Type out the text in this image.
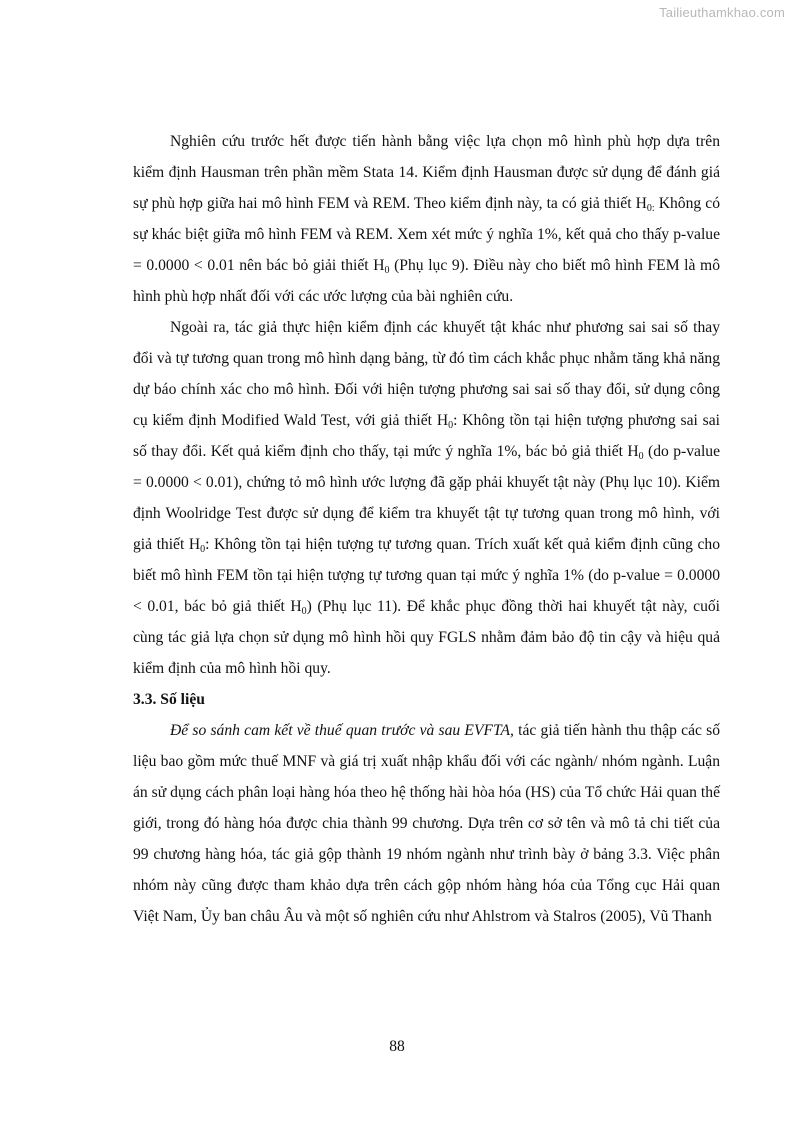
Tailieuthamkhao.com

Nghiên cứu trước hết được tiến hành bằng việc lựa chọn mô hình phù hợp dựa trên kiểm định Hausman trên phần mềm Stata 14. Kiểm định Hausman được sử dụng để đánh giá sự phù hợp giữa hai mô hình FEM và REM. Theo kiểm định này, ta có giả thiết $H_{0:}$ Không có sự khác biệt giữa mô hình FEM và REM. Xem xét mức ý nghĩa 1%, kết quả cho thấy p-value = 0.0000 < 0.01 nên bác bỏ giải thiết $H_0$ (Phụ lục 9). Điều này cho biết mô hình FEM là mô hình phù hợp nhất đối với các ước lượng của bài nghiên cứu.

Ngoài ra, tác giả thực hiện kiểm định các khuyết tật khác như phương sai sai số thay đổi và tự tương quan trong mô hình dạng bảng, từ đó tìm cách khắc phục nhằm tăng khả năng dự báo chính xác cho mô hình. Đối với hiện tượng phương sai sai số thay đổi, sử dụng công cụ kiểm định Modified Wald Test, với giả thiết $H_0$: Không tồn tại hiện tượng phương sai sai số thay đổi. Kết quả kiểm định cho thấy, tại mức ý nghĩa 1%, bác bỏ giả thiết $H_0$ (do p-value = 0.0000 < 0.01), chứng tỏ mô hình ước lượng đã gặp phải khuyết tật này (Phụ lục 10). Kiểm định Woolridge Test được sử dụng để kiểm tra khuyết tật tự tương quan trong mô hình, với giả thiết $H_0$: Không tồn tại hiện tượng tự tương quan. Trích xuất kết quả kiểm định cũng cho biết mô hình FEM tồn tại hiện tượng tự tương quan tại mức ý nghĩa 1% (do p-value = 0.0000 < 0.01, bác bỏ giả thiết $H_0$) (Phụ lục 11). Để khắc phục đồng thời hai khuyết tật này, cuối cùng tác giả lựa chọn sử dụng mô hình hồi quy FGLS nhằm đảm bảo độ tin cậy và hiệu quả kiểm định của mô hình hồi quy.

3.3. Số liệu

Để so sánh cam kết về thuế quan trước và sau EVFTA, tác giả tiến hành thu thập các số liệu bao gồm mức thuế MNF và giá trị xuất nhập khẩu đối với các ngành/ nhóm ngành. Luận án sử dụng cách phân loại hàng hóa theo hệ thống hài hòa hóa (HS) của Tổ chức Hải quan thế giới, trong đó hàng hóa được chia thành 99 chương. Dựa trên cơ sở tên và mô tả chi tiết của 99 chương hàng hóa, tác giả gộp thành 19 nhóm ngành như trình bày ở bảng 3.3. Việc phân nhóm này cũng được tham khảo dựa trên cách gộp nhóm hàng hóa của Tổng cục Hải quan Việt Nam, Ủy ban châu Âu và một số nghiên cứu như Ahlstrom và Stalros (2005), Vũ Thanh

88
